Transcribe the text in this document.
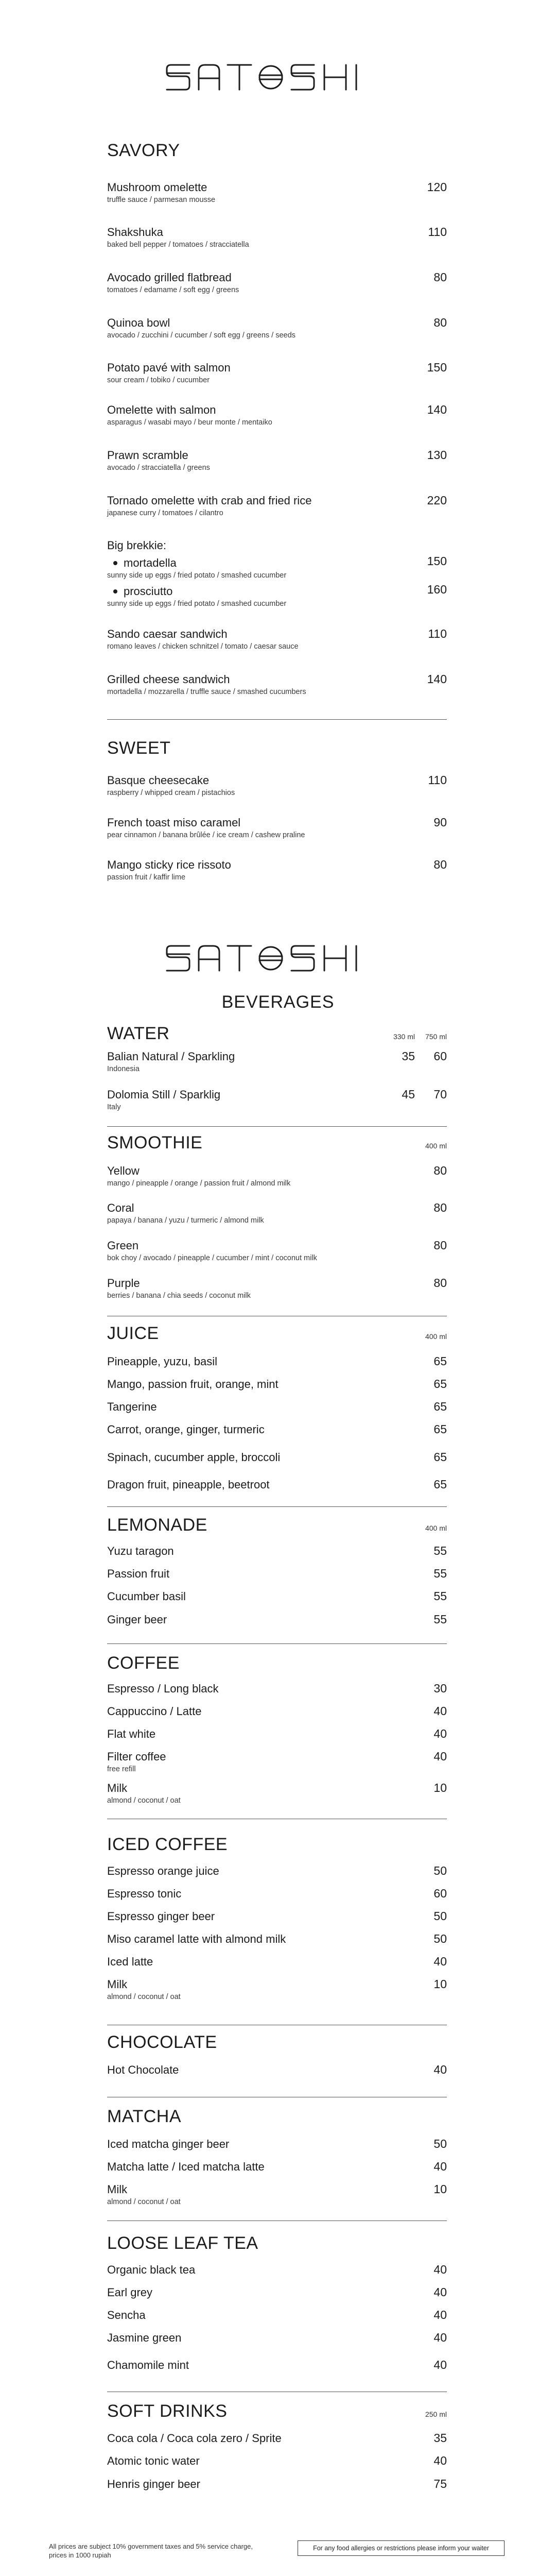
SAVORY
Mushroom omelette	120
truffle sauce / parmesan mousse
Shakshuka	110
baked bell pepper / tomatoes / stracciatella
Avocado grilled flatbread	80
tomatoes / edamame / soft egg / greens
Quinoa bowl	80
avocado / zucchini / cucumber / soft egg / greens / seeds
Potato pavé with salmon	150
sour cream / tobiko / cucumber
Omelette with salmon	140
asparagus / wasabi mayo / beur monte / mentaiko
Prawn scramble	130
avocado / stracciatella / greens
Tornado omelette with crab and fried rice	220
japanese curry / tomatoes / cilantro
Big brekkie:
mortadella	150
sunny side up eggs / fried potato / smashed cucumber
prosciutto	160
sunny side up eggs / fried potato / smashed cucumber
Sando caesar sandwich	110
romano leaves / chicken schnitzel / tomato / caesar sauce
Grilled cheese sandwich	140
mortadella / mozzarella / truffle sauce / smashed cucumbers
SWEET
Basque cheesecake	110
raspberry / whipped cream / pistachios
French toast miso caramel	90
pear cinnamon / banana brûlée / ice cream / cashew praline
Mango sticky rice rissoto	80
passion fruit / kaffir lime
BEVERAGES
WATER	330 ml	750 ml
Balian Natural / Sparkling	35	60
Indonesia
Dolomia Still / Sparklig	45	70
Italy
SMOOTHIE	400 ml
Yellow	80
mango / pineapple / orange / passion fruit / almond milk
Coral	80
papaya / banana / yuzu / turmeric / almond milk
Green	80
bok choy / avocado / pineapple / cucumber / mint / coconut milk
Purple	80
berries / banana / chia seeds / coconut milk
JUICE	400 ml
Pineapple, yuzu, basil	65
Mango, passion fruit, orange, mint	65
Tangerine	65
Carrot, orange, ginger, turmeric	65
Spinach, cucumber apple, broccoli	65
Dragon fruit, pineapple, beetroot	65
LEMONADE	400 ml
Yuzu taragon	55
Passion fruit	55
Cucumber basil	55
Ginger beer	55
COFFEE
Espresso / Long black	30
Cappuccino / Latte	40
Flat white	40
Filter coffee	40
free refill
Milk	10
almond / coconut / oat
ICED COFFEE
Espresso orange juice	50
Espresso tonic	60
Espresso ginger beer	50
Miso caramel latte with almond milk	50
Iced latte	40
Milk	10
almond / coconut / oat
CHOCOLATE
Hot Chocolate	40
MATCHA
Iced matcha ginger beer	50
Matcha latte / Iced matcha latte	40
Milk	10
almond / coconut / oat
LOOSE LEAF TEA
Organic black tea	40
Earl grey	40
Sencha	40
Jasmine green	40
Chamomile mint	40
SOFT DRINKS	250 ml
Coca cola / Coca cola zero / Sprite	35
Atomic tonic water	40
Henris ginger beer	75
All prices are subject 10% government taxes and 5% service charge,
prices in 1000 rupiah
For any food allergies or restrictions please inform your waiter
